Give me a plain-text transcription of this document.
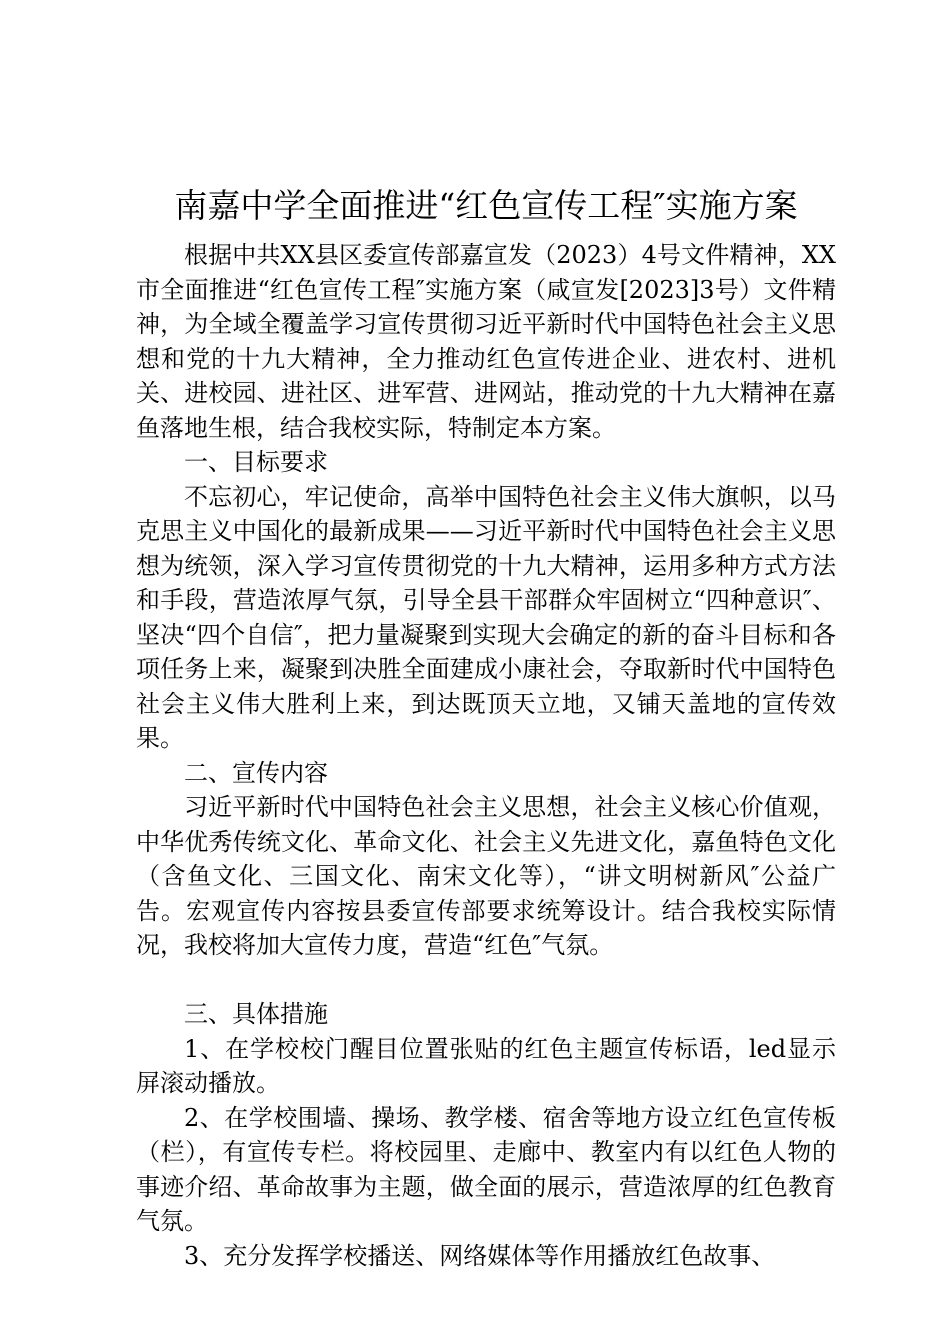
南嘉中学全面推进“红色宣传工程″实施方案

根据中共XX县区委宣传部嘉宣发（2023）4号文件精神，XX市全面推进“红色宣传工程″实施方案（咸宣发[2023]3号）文件精神，为全域全覆盖学习宣传贯彻习近平新时代中国特色社会主义思想和党的十九大精神，全力推动红色宣传进企业、进农村、进机关、进校园、进社区、进军营、进网站，推动党的十九大精神在嘉鱼落地生根，结合我校实际，特制定本方案。

一、目标要求

不忘初心，牢记使命，高举中国特色社会主义伟大旗帜，以马克思主义中国化的最新成果——习近平新时代中国特色社会主义思想为统领，深入学习宣传贯彻党的十九大精神，运用多种方式方法和手段，营造浓厚气氛，引导全县干部群众牢固树立“四种意识″、坚决“四个自信″，把力量凝聚到实现大会确定的新的奋斗目标和各项任务上来，凝聚到决胜全面建成小康社会，夺取新时代中国特色社会主义伟大胜利上来，到达既顶天立地，又铺天盖地的宣传效果。

二、宣传内容

习近平新时代中国特色社会主义思想，社会主义核心价值观，中华优秀传统文化、革命文化、社会主义先进文化，嘉鱼特色文化（含鱼文化、三国文化、南宋文化等），“讲文明树新风″公益广告。宏观宣传内容按县委宣传部要求统筹设计。结合我校实际情况，我校将加大宣传力度，营造“红色″气氛。

三、具体措施

1、在学校校门醒目位置张贴的红色主题宣传标语，led显示屏滚动播放。

2、在学校围墙、操场、教学楼、宿舍等地方设立红色宣传板（栏），有宣传专栏。将校园里、走廊中、教室内有以红色人物的事迹介绍、革命故事为主题，做全面的展示，营造浓厚的红色教育气氛。

3、充分发挥学校播送、网络媒体等作用播放红色故事、
